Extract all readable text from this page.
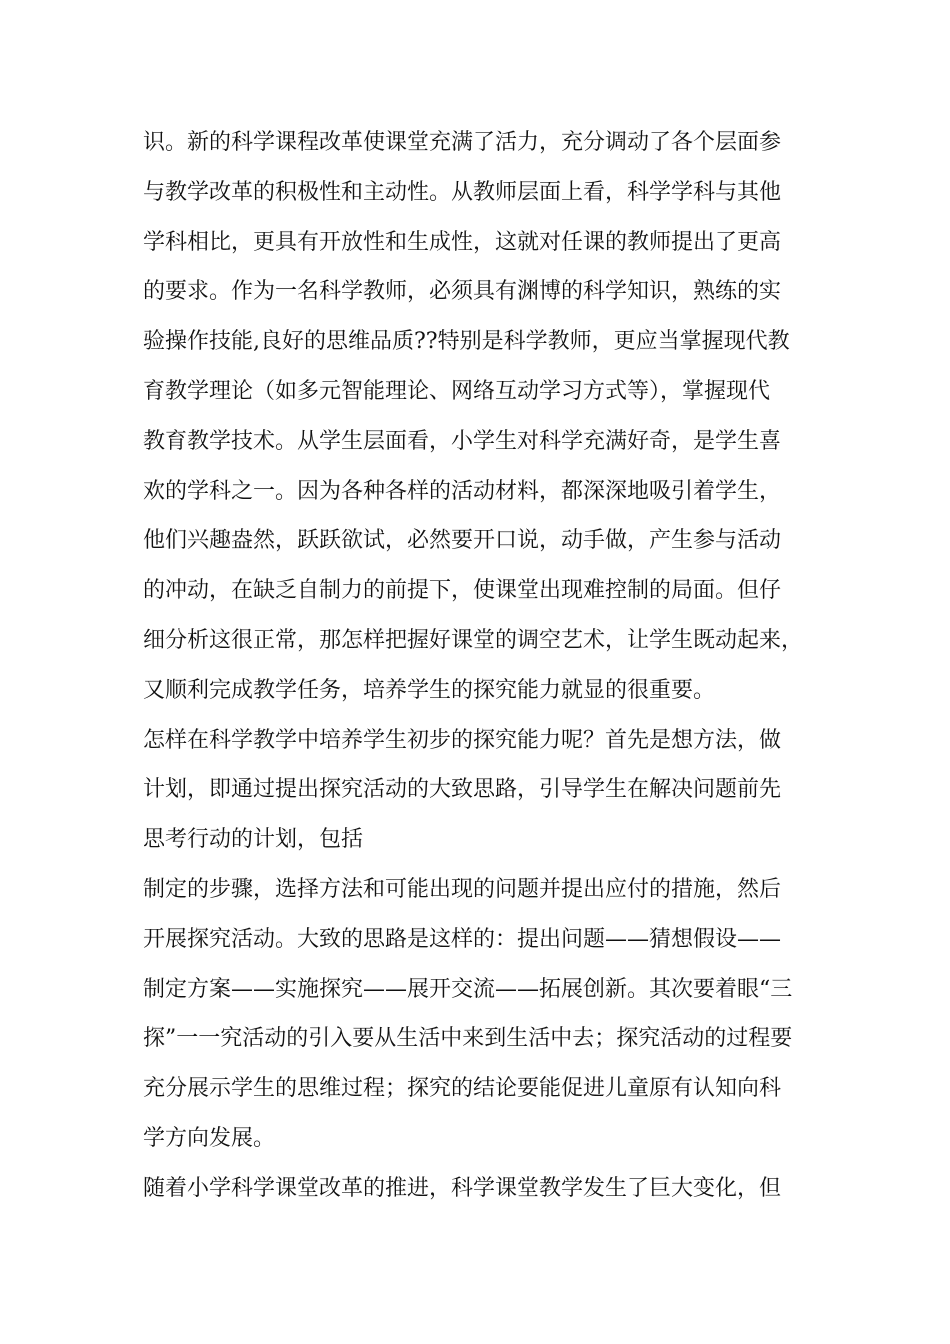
识。新的科学课程改革使课堂充满了活力，充分调动了各个层面参
与教学改革的积极性和主动性。从教师层面上看，科学学科与其他
学科相比，更具有开放性和生成性，这就对任课的教师提出了更高
的要求。作为一名科学教师，必须具有渊博的科学知识，熟练的实
验操作技能,良好的思维品质??特别是科学教师，更应当掌握现代教
育教学理论（如多元智能理论、网络互动学习方式等），掌握现代
教育教学技术。从学生层面看，小学生对科学充满好奇，是学生喜
欢的学科之一。因为各种各样的活动材料，都深深地吸引着学生，
他们兴趣盎然，跃跃欲试，必然要开口说，动手做，产生参与活动
的冲动，在缺乏自制力的前提下，使课堂出现难控制的局面。但仔
细分析这很正常，那怎样把握好课堂的调空艺术，让学生既动起来，
又顺利完成教学任务，培养学生的探究能力就显的很重要。
怎样在科学教学中培养学生初步的探究能力呢？首先是想方法，做
计划，即通过提出探究活动的大致思路，引导学生在解决问题前先
思考行动的计划，包括
制定的步骤，选择方法和可能出现的问题并提出应付的措施，然后
开展探究活动。大致的思路是这样的：提出问题——猜想假设——
制定方案——实施探究——展开交流——拓展创新。其次要着眼“三
探”一一究活动的引入要从生活中来到生活中去；探究活动的过程要
充分展示学生的思维过程；探究的结论要能促进儿童原有认知向科
学方向发展。
随着小学科学课堂改革的推进，科学课堂教学发生了巨大变化，但
